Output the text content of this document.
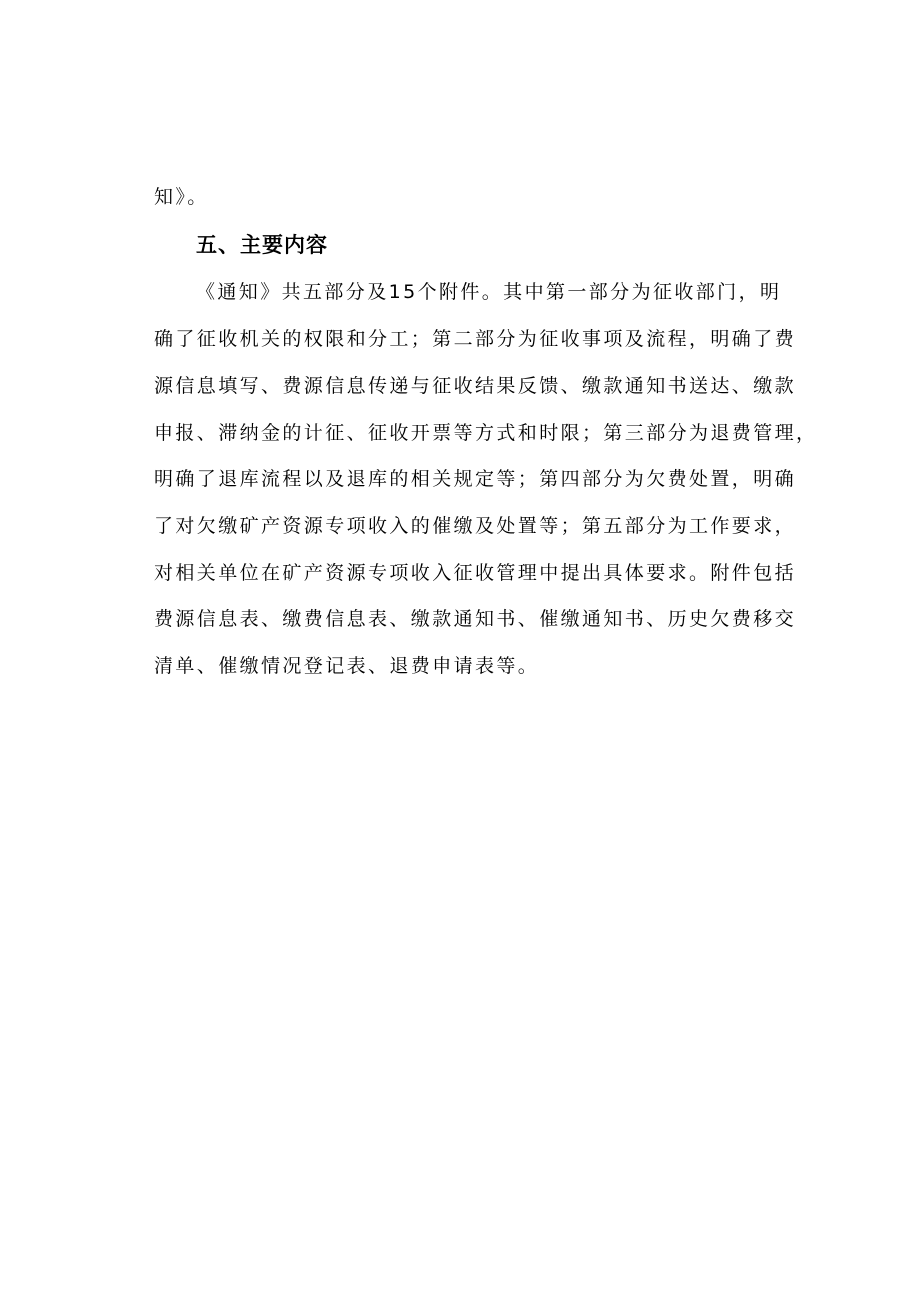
知》。
五、主要内容
《通知》共五部分及15个附件。其中第一部分为征收部门，明
确了征收机关的权限和分工；第二部分为征收事项及流程，明确了费
源信息填写、费源信息传递与征收结果反馈、缴款通知书送达、缴款
申报、滞纳金的计征、征收开票等方式和时限；第三部分为退费管理，
明确了退库流程以及退库的相关规定等；第四部分为欠费处置，明确
了对欠缴矿产资源专项收入的催缴及处置等；第五部分为工作要求，
对相关单位在矿产资源专项收入征收管理中提出具体要求。附件包括
费源信息表、缴费信息表、缴款通知书、催缴通知书、历史欠费移交
清单、催缴情况登记表、退费申请表等。
